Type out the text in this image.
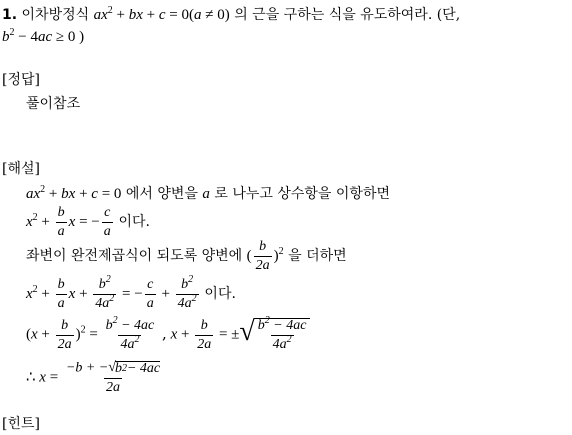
1. 이차방정식 $ax^2$ + bx + c = 0(a ≠ 0) 의 근을 구하는 식을 유도하여라. (단,
$b^2 - 4ac \ge 0$ )
[정답]
풀이참조
[해설]
$ax^2$ + bx + c = 0 에서 양변을 a 로 나누고 상수항을 이항하면
$x^2 + \frac{b}{a}$ x = − $\frac{c}{a}$ 이다.
좌변이 완전제곱식이 되도록 양변에 ( $\frac{b}{2a} )^2$ 을 더하면
$x^2 + \frac{b}{a}$ $x + \frac{b^2}{4a^2}$ = − $\frac{c}{a} + \frac{b^2}{4a^2}$ 이다.
$(x + \frac{b}{2a} )^2 = \frac{b^2 - 4ac}{4a^2}$ , $x + \frac{b}{2a}$ = ± √ $\frac{b^2 - 4ac}{4a^2}$
∴ $x = \frac{-b + - √ b 2 - 4ac}{2a}$
[힌트]
